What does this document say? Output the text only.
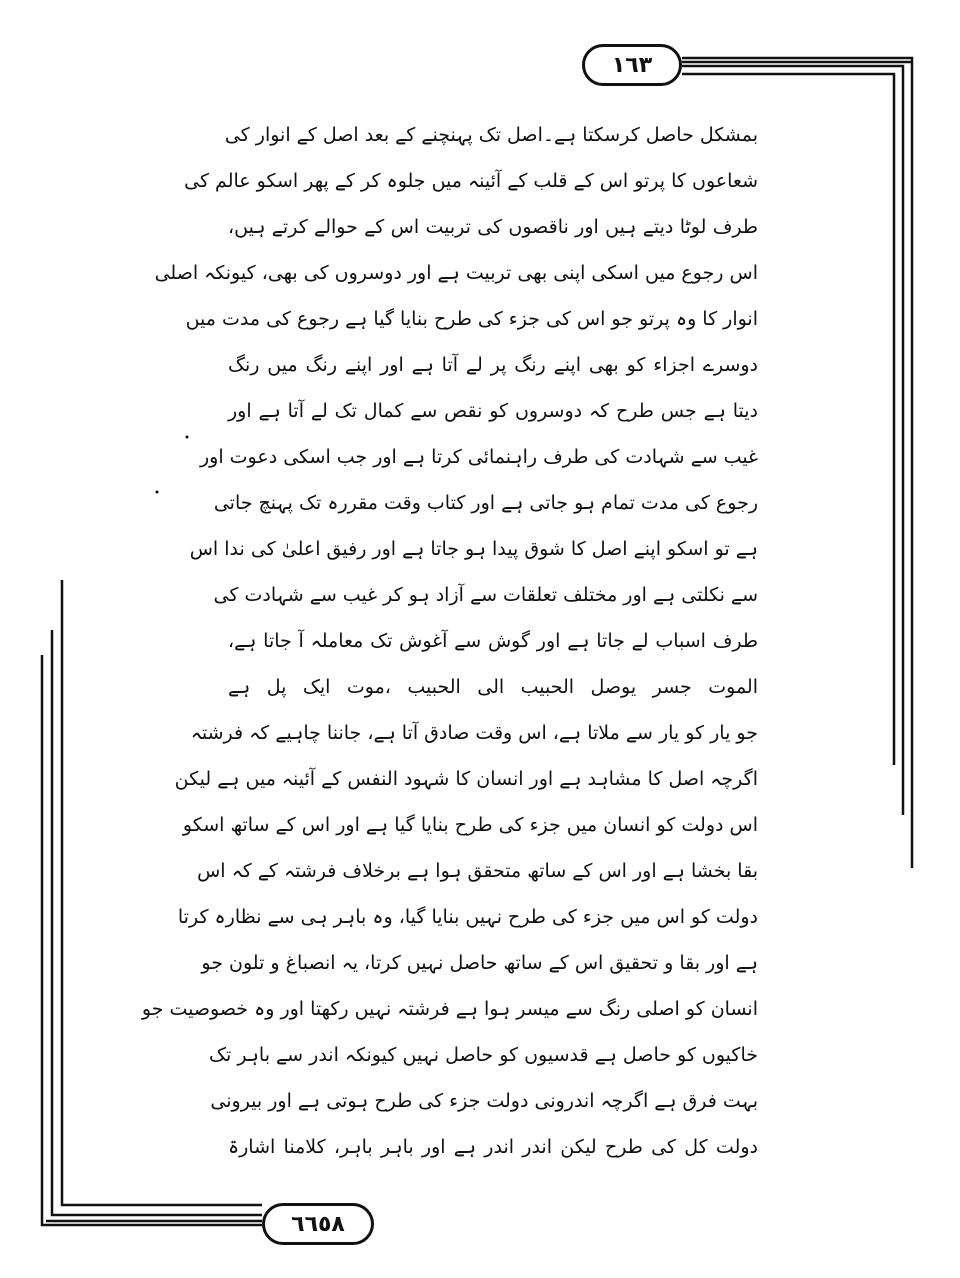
١٦٣
٦٦٥٨
بمشکل حاصل کرسکتا ہے۔اصل تک پہنچنے کے بعد اصل کے انوار کی
شعاعوں کا پرتو اس کے قلب کے آئینہ میں جلوہ کر کے پھر اسکو عالم کی
طرف لوٹا دیتے ہیں اور ناقصوں کی تربیت اس کے حوالے کرتے ہیں،
اس رجوع میں اسکی اپنی بھی تربیت ہے اور دوسروں کی بھی، کیونکہ اصلی
انوار کا وہ پرتو جو اس کی جزء کی طرح بنایا گیا ہے رجوع کی مدت میں
دوسرے اجزاء کو بھی اپنے رنگ پر لے آتا ہے اور اپنے رنگ میں رنگ
دیتا ہے جس طرح کہ دوسروں کو نقص سے کمال تک لے آتا ہے اور
غیب سے شہادت کی طرف راہنمائی کرتا ہے اور جب اسکی دعوت اور
رجوع کی مدت تمام ہو جاتی ہے اور کتاب وقت مقررہ تک پہنچ جاتی
ہے تو اسکو اپنے اصل کا شوق پیدا ہو جاتا ہے اور رفیق اعلیٰ کی ندا اس
سے نکلتی ہے اور مختلف تعلقات سے آزاد ہو کر غیب سے شہادت کی
طرف اسباب لے جاتا ہے اور گوش سے آغوش تک معاملہ آ جاتا ہے،
الموت جسر یوصل الحبیب الی الحبیب ،موت ایک پل ہے
جو یار کو یار سے ملاتا ہے، اس وقت صادق آتا ہے، جاننا چاہیے کہ فرشتہ
اگرچہ اصل کا مشاہد ہے اور انسان کا شہود النفس کے آئینہ میں ہے لیکن
اس دولت کو انسان میں جزء کی طرح بنایا گیا ہے اور اس کے ساتھ اسکو
بقا بخشا ہے اور اس کے ساتھ متحقق ہوا ہے برخلاف فرشتہ کے کہ اس
دولت کو اس میں جزء کی طرح نہیں بنایا گیا، وہ باہر ہی سے نظارہ کرتا
ہے اور بقا و تحقیق اس کے ساتھ حاصل نہیں کرتا، یہ انصباغ و تلون جو
انسان کو اصلی رنگ سے میسر ہوا ہے فرشتہ نہیں رکھتا اور وہ خصوصیت جو
خاکیوں کو حاصل ہے قدسیوں کو حاصل نہیں کیونکہ اندر سے باہر تک
بہت فرق ہے اگرچہ اندرونی دولت جزء کی طرح ہوتی ہے اور بیرونی
دولت کل کی طرح لیکن اندر اندر ہے اور باہر باہر، کلامنا اشارۃ
